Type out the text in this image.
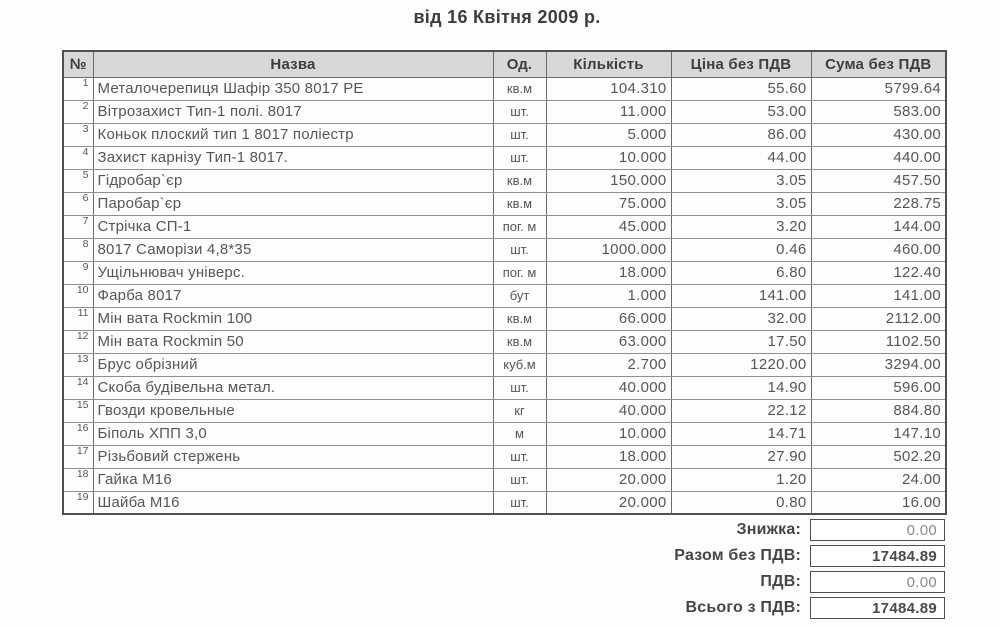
від 16 Квітня 2009 р.
№	Назва	Од.	Кількість	Ціна без ПДВ	Сума без ПДВ
1	Металочерепиця Шафір 350 8017 PE	кв.м	104.310	55.60	5799.64
2	Вітрозахист Тип-1 полі. 8017	шт.	11.000	53.00	583.00
3	Коньок плоский тип 1 8017 поліестр	шт.	5.000	86.00	430.00
4	Захист карнізу Тип-1 8017.	шт.	10.000	44.00	440.00
5	Гідробар`єр	кв.м	150.000	3.05	457.50
6	Паробар`єр	кв.м	75.000	3.05	228.75
7	Стрічка СП-1	пог. м	45.000	3.20	144.00
8	8017 Саморізи 4,8*35	шт.	1000.000	0.46	460.00
9	Ущільнювач універс.	пог. м	18.000	6.80	122.40
10	Фарба 8017	бут	1.000	141.00	141.00
11	Мін вата Rockmin 100	кв.м	66.000	32.00	2112.00
12	Мін вата Rockmin 50	кв.м	63.000	17.50	1102.50
13	Брус обрізний	куб.м	2.700	1220.00	3294.00
14	Скоба будівельна метал.	шт.	40.000	14.90	596.00
15	Гвозди кровельные	кг	40.000	22.12	884.80
16	Біполь ХПП 3,0	м	10.000	14.71	147.10
17	Різьбовий стержень	шт.	18.000	27.90	502.20
18	Гайка М16	шт.	20.000	1.20	24.00
19	Шайба М16	шт.	20.000	0.80	16.00
Знижка:	0.00
Разом без ПДВ:	17484.89
ПДВ:	0.00
Всього з ПДВ:	17484.89
